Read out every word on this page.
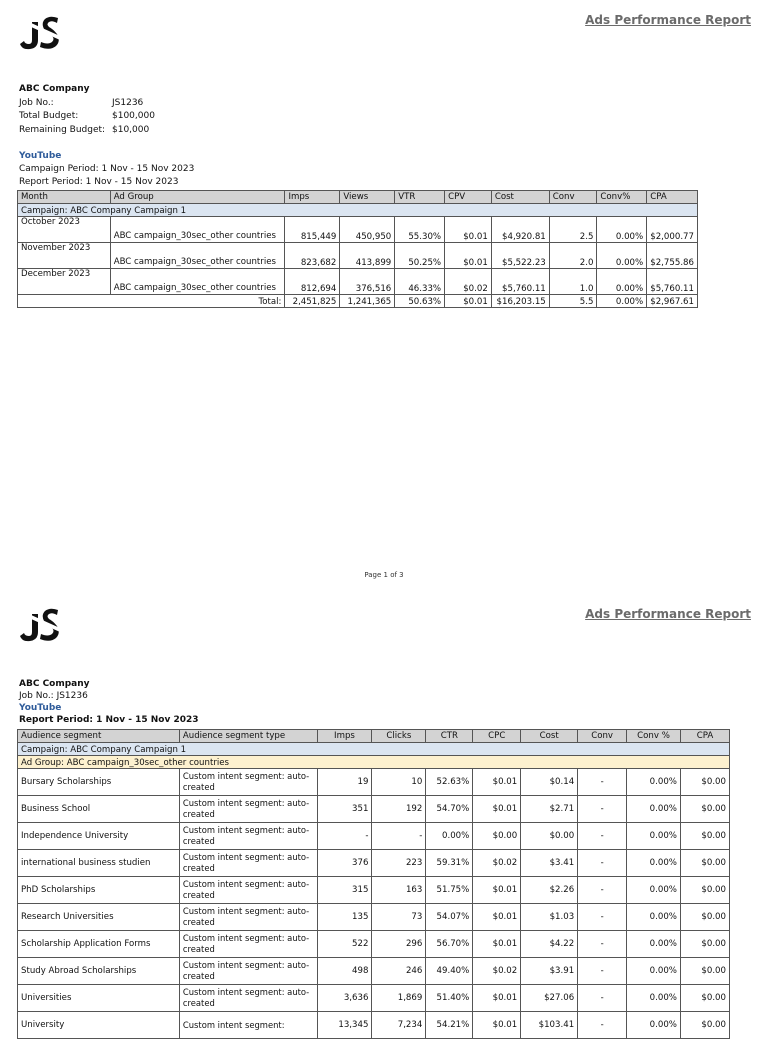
Ads Performance Report
ABC Company
Job No.:	JS1236
Total Budget:	$100,000
Remaining Budget: $10,000
YouTube
Campaign Period: 1 Nov - 15 Nov 2023
Report Period: 1 Nov - 15 Nov 2023
Month	Ad Group	Imps	Views	VTR	CPV	Cost	Conv	Conv%	CPA
Campaign: ABC Company Campaign 1									
October 2023	ABC campaign_30sec_other countries	815,449	450,950	55.30%	$0.01	$4,920.81	2.5	0.00%	$2,000.77
November 2023	ABC campaign_30sec_other countries	823,682	413,899	50.25%	$0.01	$5,522.23	2.0	0.00%	$2,755.86
December 2023	ABC campaign_30sec_other countries	812,694	376,516	46.33%	$0.02	$5,760.11	1.0	0.00%	$5,760.11
Total:		2,451,825	1,241,365	50.63%	$0.01	$16,203.15	5.5	0.00%	$2,967.61
Page 1 of 3
Ads Performance Report
ABC Company
Job No.: JS1236
YouTube
Report Period: 1 Nov - 15 Nov 2023
Audience segment	Audience segment type	Imps	Clicks	CTR	CPC	Cost	Conv	Conv %	CPA
Campaign: ABC Company Campaign 1									
Ad Group: ABC campaign_30sec_other countries									
Bursary Scholarships	Custom intent segment: auto-created	19	10	52.63%	$0.01	$0.14	-	0.00%	$0.00
Business School	Custom intent segment: auto-created	351	192	54.70%	$0.01	$2.71	-	0.00%	$0.00
Independence University	Custom intent segment: auto-created	-	-	0.00%	$0.00	$0.00	-	0.00%	$0.00
international business studien	Custom intent segment: auto-created	376	223	59.31%	$0.02	$3.41	-	0.00%	$0.00
PhD Scholarships	Custom intent segment: auto-created	315	163	51.75%	$0.01	$2.26	-	0.00%	$0.00
Research Universities	Custom intent segment: auto-created	135	73	54.07%	$0.01	$1.03	-	0.00%	$0.00
Scholarship Application Forms	Custom intent segment: auto-created	522	296	56.70%	$0.01	$4.22	-	0.00%	$0.00
Study Abroad Scholarships	Custom intent segment: auto-created	498	246	49.40%	$0.02	$3.91	-	0.00%	$0.00
Universities	Custom intent segment: auto-created	3,636	1,869	51.40%	$0.01	$27.06	-	0.00%	$0.00
University	Custom intent segment:	13,345	7,234	54.21%	$0.01	$103.41	-	0.00%	$0.00
